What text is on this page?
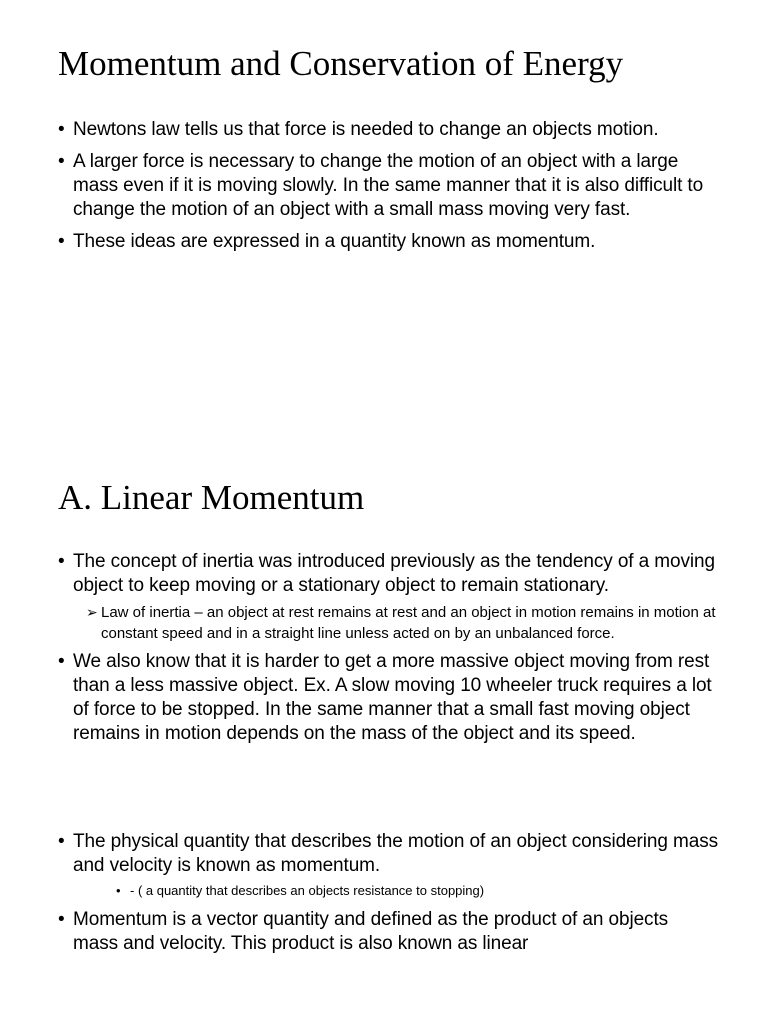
Momentum and Conservation of Energy
• Newtons law tells us that force is needed to change an objects motion.
• A larger force is necessary to change the motion of an object with a large mass even if it is moving slowly. In the same manner that it is also difficult to change the motion of an object with a small mass moving very fast.
• These ideas are expressed in a quantity known as momentum.
A. Linear Momentum
• The concept of inertia was introduced previously as the tendency of a moving object to keep moving or a stationary object to remain stationary.
➢ Law of inertia – an object at rest remains at rest and an object in motion remains in motion at constant speed and in a straight line unless acted on by an unbalanced force.
• We also know that it is harder to get a more massive object moving from rest than a less massive object. Ex. A slow moving 10 wheeler truck requires a lot of force to be stopped. In the same manner that a small fast moving object remains in motion depends on the mass of the object and its speed.
• The physical quantity that describes the motion of an object considering mass and velocity is known as momentum.
• - ( a quantity that describes an objects resistance to stopping)
• Momentum is a vector quantity and defined as the product of an objects mass and velocity. This product is also known as linear
